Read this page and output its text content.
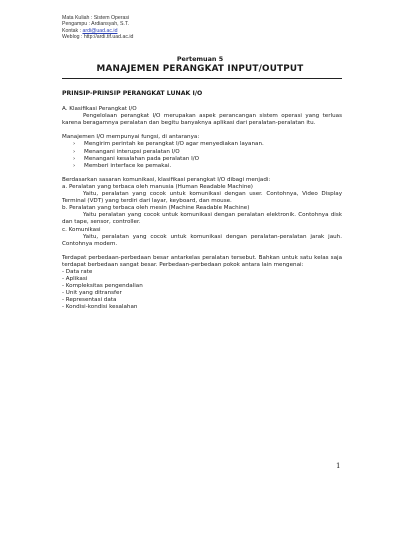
Mata Kuliah : Sistem Operasi
Pengampu : Ardiansyah, S.T.
Kontak : ardi@uad.ac.id
Weblog : http://ardi.tif.uad.ac.id
Pertemuan 5
MANAJEMEN PERANGKAT INPUT/OUTPUT
PRINSIP-PRINSIP PERANGKAT LUNAK I/O

A. Klasifikasi Perangkat I/O

Pengelolaan perangkat I/O merupakan aspek perancangan sistem operasi yang terluas karena beragamnya peralatan dan begitu banyaknya aplikasi dari peralatan-peralatan itu.

Manajemen I/O mempunyai fungsi, di antaranya:

› Mengirim perintah ke perangkat I/O agar menyediakan layanan.
› Menangani interupsi peralatan I/O
› Menangani kesalahan pada peralatan I/O
› Memberi interface ke pemakai.

Berdasarkan sasaran komunikasi, klasifikasi perangkat I/O dibagi menjadi:

a. Peralatan yang terbaca oleh manusia (Human Readable Machine)

Yaitu, peralatan yang cocok untuk komunikasi dengan user. Contohnya, Video Display Terminal (VDT) yang terdiri dari layar, keyboard, dan mouse.

b. Peralatan yang terbaca oleh mesin (Machine Readable Machine)

Yaitu peralatan yang cocok untuk komunikasi dengan peralatan elektronik. Contohnya disk dan tape, sensor, controller.

c. Komunikasi

Yaitu, peralatan yang cocok untuk komunikasi dengan peralatan-peralatan jarak jauh. Contohnya modem.

Terdapat perbedaan-perbedaan besar antarkelas peralatan tersebut. Bahkan untuk satu kelas saja terdapat berbedaan sangat besar. Perbedaan-perbedaan pokok antara lain mengenai:

- Data rate
- Aplikasi
- Kompleksitas pengendalian
- Unit yang ditransfer
- Representasi data
- Kondisi-kondisi kesalahan
1
